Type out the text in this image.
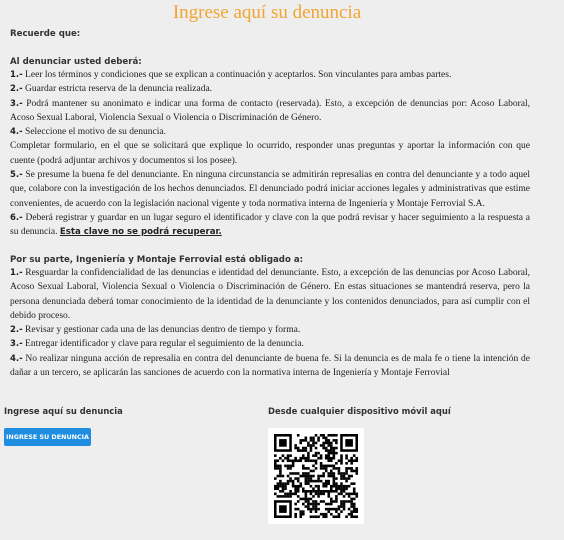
Ingrese aquí su denuncia
Recuerde que:
Al denunciar usted deberá:

1.- Leer los términos y condiciones que se explican a continuación y aceptarlos. Son vinculantes para ambas partes.

2.- Guardar estricta reserva de la denuncia realizada.

3.- Podrá mantener su anonimato e indicar una forma de contacto (reservada). Esto, a excepción de denuncias por: Acoso Laboral, Acoso Sexual Laboral, Violencia Sexual o Violencia o Discriminación de Género.

4.- Seleccione el motivo de su denuncia.

Completar formulario, en el que se solicitará que explique lo ocurrido, responder unas preguntas y aportar la información con que cuente (podrá adjuntar archivos y documentos si los posee).

5.- Se presume la buena fe del denunciante. En ninguna circunstancia se admitirán represalias en contra del denunciante y a todo aquel que, colabore con la investigación de los hechos denunciados. El denunciado podrá iniciar acciones legales y administrativas que estime convenientes, de acuerdo con la legislación nacional vigente y toda normativa interna de Ingeniería y Montaje Ferrovial S.A.

6.- Deberá registrar y guardar en un lugar seguro el identificador y clave con la que podrá revisar y hacer seguimiento a la respuesta a su denuncia. Esta clave no se podrá recuperar.

Por su parte, Ingeniería y Montaje Ferrovial está obligado a:

1.- Resguardar la confidencialidad de las denuncias e identidad del denunciante. Esto, a excepción de las denuncias por Acoso Laboral, Acoso Sexual Laboral, Violencia Sexual o Violencia o Discriminación de Género. En estas situaciones se mantendrá reserva, pero la persona denunciada deberá tomar conocimiento de la identidad de la denunciante y los contenidos denunciados, para así cumplir con el debido proceso.

2.- Revisar y gestionar cada una de las denuncias dentro de tiempo y forma.

3.- Entregar identificador y clave para regular el seguimiento de la denuncia.

4.- No realizar ninguna acción de represalia en contra del denunciante de buena fe. Si la denuncia es de mala fe o tiene la intención de dañar a un tercero, se aplicarán las sanciones de acuerdo con la normativa interna de Ingeniería y Montaje Ferrovial

Ingrese aquí su denuncia
INGRESE SU DENUNCIA
Desde cualquier dispositivo móvil aquí
